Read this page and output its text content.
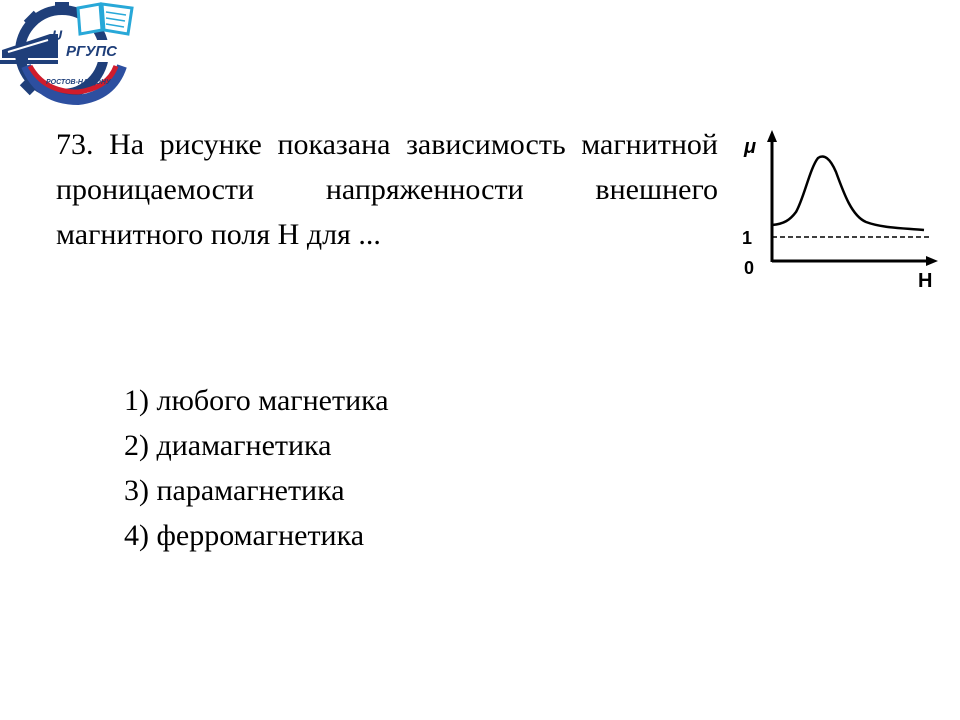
РОСТОВ-НА-ДОНУ
U
РГУПС

73. На рисунке показана зависимость магнитной проницаемости напряженности внешнего магнитного поля Н для ...

1) любого магнетика
2) диамагнетика
3) парамагнетика
4) ферромагнетика
μ
1
0
H
